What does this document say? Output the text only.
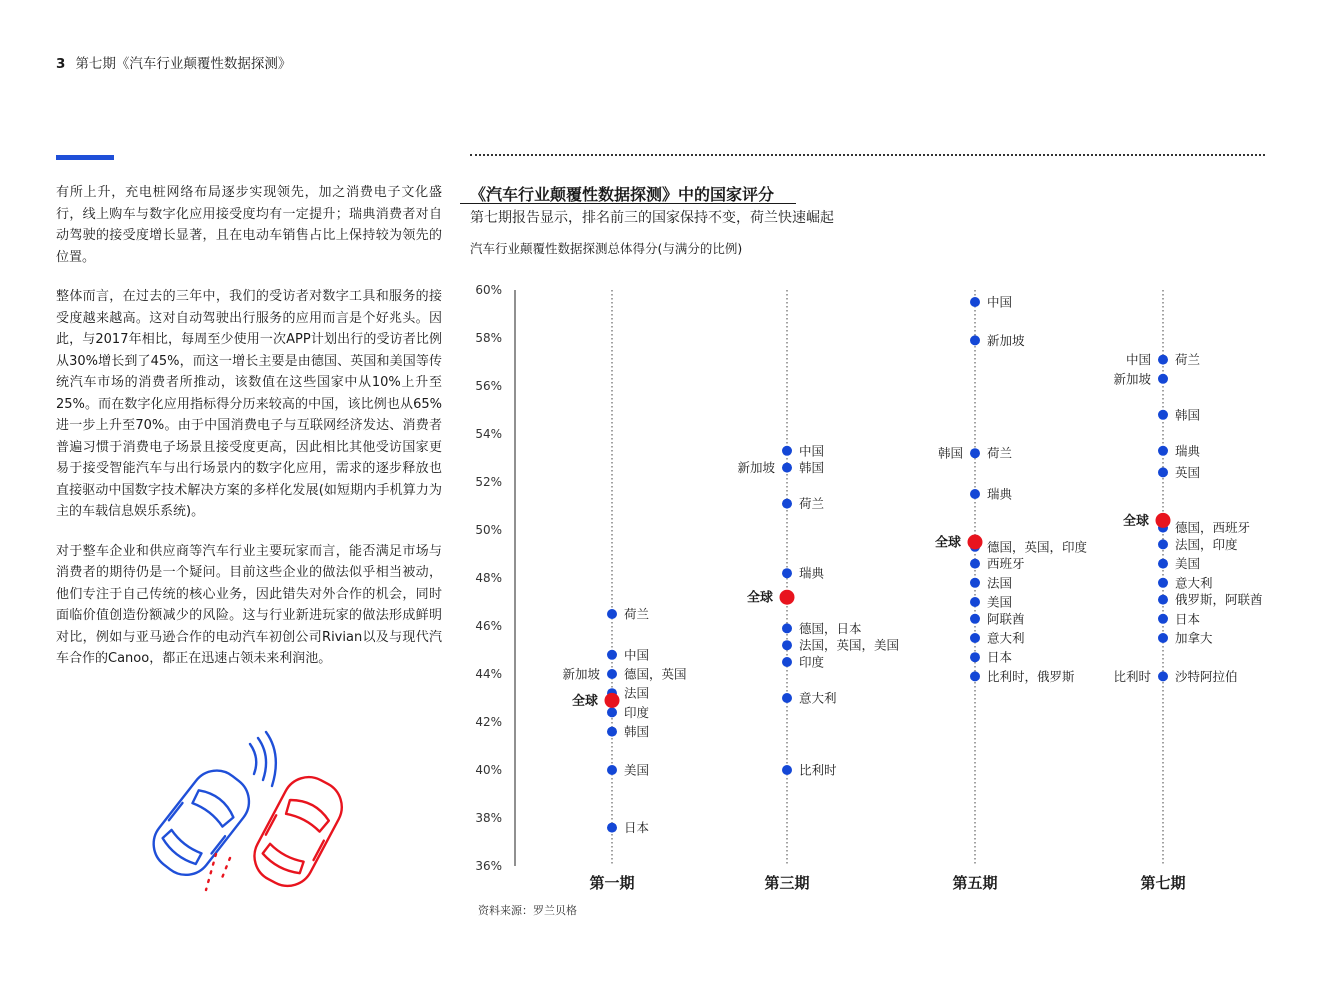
3 第七期《汽车行业颠覆性数据探测》

有所上升，充电桩网络布局逐步实现领先，加之消费电子文化盛行，线上购车与数字化应用接受度均有一定提升；瑞典消费者对自动驾驶的接受度增长显著，且在电动车销售占比上保持较为领先的位置。

整体而言，在过去的三年中，我们的受访者对数字工具和服务的接受度越来越高。这对自动驾驶出行服务的应用而言是个好兆头。因此，与2017年相比，每周至少使用一次APP计划出行的受访者比例从30%增长到了45%，而这一增长主要是由德国、英国和美国等传统汽车市场的消费者所推动，该数值在这些国家中从10%上升至25%。而在数字化应用指标得分历来较高的中国，该比例也从65%进一步上升至70%。由于中国消费电子与互联网经济发达、消费者普遍习惯于消费电子场景且接受度更高，因此相比其他受访国家更易于接受智能汽车与出行场景内的数字化应用，需求的逐步释放也直接驱动中国数字技术解决方案的多样化发展(如短期内手机算力为主的车载信息娱乐系统)。

对于整车企业和供应商等汽车行业主要玩家而言，能否满足市场与消费者的期待仍是一个疑问。目前这些企业的做法似乎相当被动，他们专注于自己传统的核心业务，因此错失对外合作的机会，同时面临价值创造份额减少的风险。这与行业新进玩家的做法形成鲜明对比，例如与亚马逊合作的电动汽车初创公司Rivian以及与现代汽车合作的Canoo，都正在迅速占领未来利润池。

《汽车行业颠覆性数据探测》中的国家评分
第七期报告显示，排名前三的国家保持不变，荷兰快速崛起
汽车行业颠覆性数据探测总体得分(与满分的比例)
60%
58%
56%
54%
52%
50%
48%
46%
44%
42%
40%
38%
36%
荷兰
中国
德国，英国
新加坡
法国
印度
韩国
美国
日本
全球
第一期
中国
韩国
新加坡
荷兰
瑞典
德国，日本
法国，英国，美国
印度
意大利
比利时
全球
第三期
中国
新加坡
荷兰
韩国
瑞典
德国，英国，印度
西班牙
法国
美国
阿联酋
意大利
日本
比利时，俄罗斯
全球
第五期
荷兰
中国
新加坡
韩国
瑞典
英国
德国，西班牙
法国，印度
美国
意大利
俄罗斯，阿联酋
日本
加拿大
沙特阿拉伯
比利时
全球
第七期
资料来源：罗兰贝格
